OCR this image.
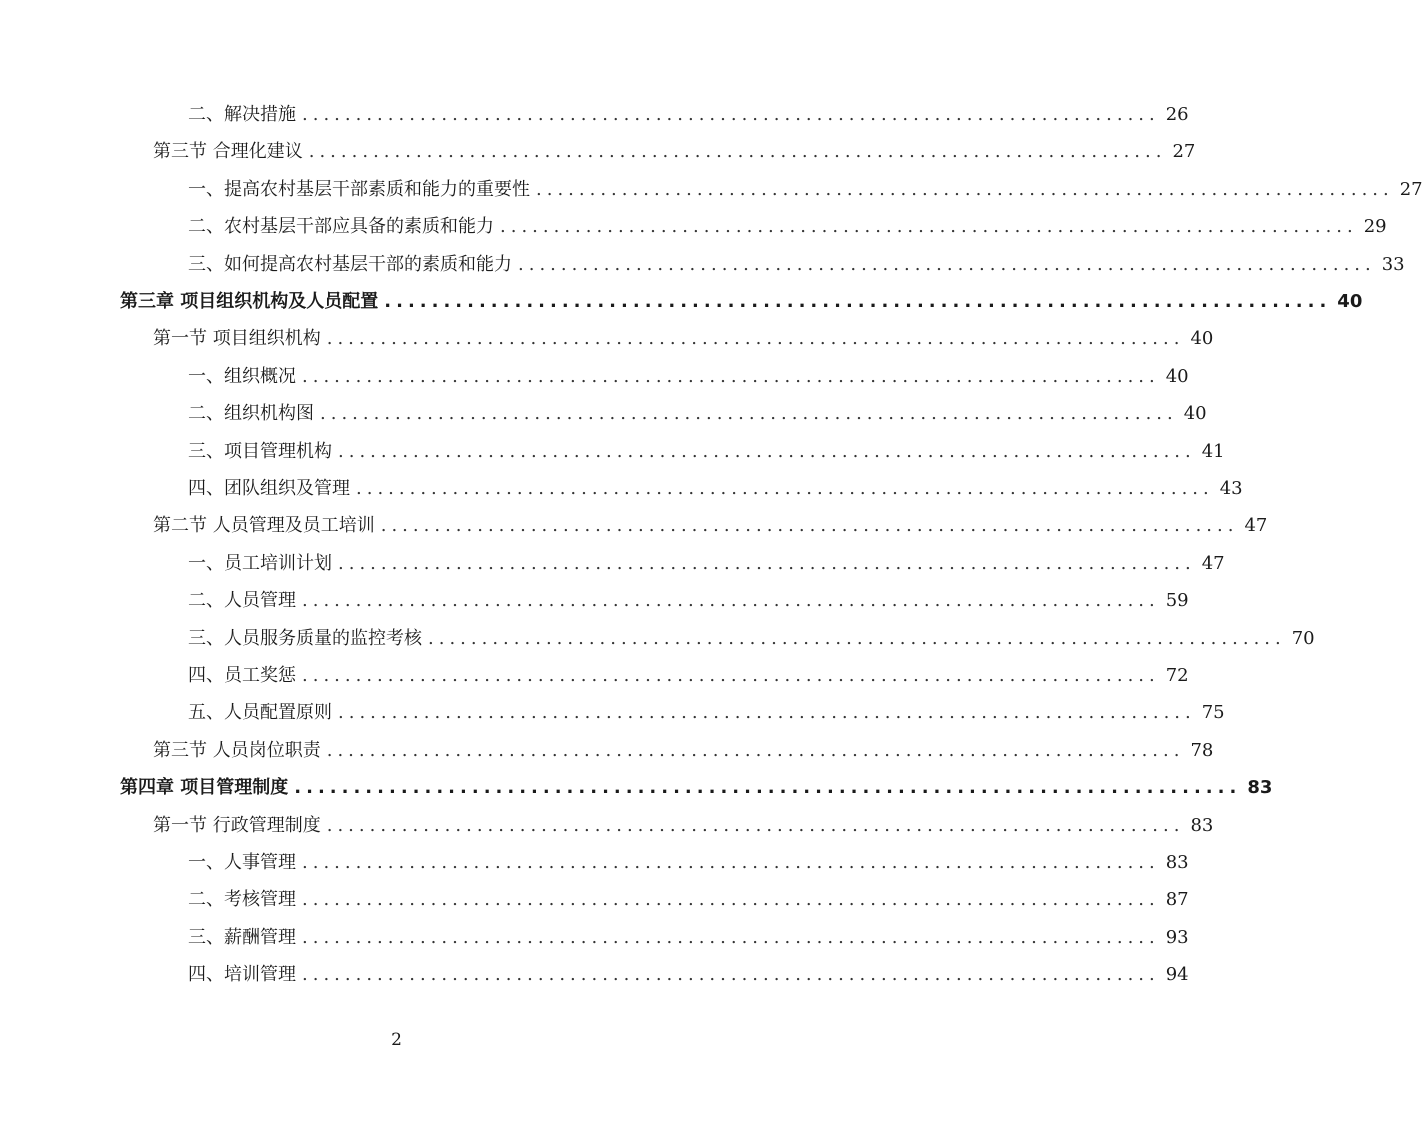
二、解决措施 ................................................................................ 26
第三节 合理化建议 ................................................................................ 27
一、提高农村基层干部素质和能力的重要性 ................................................................................ 27
二、农村基层干部应具备的素质和能力 ................................................................................ 29
三、如何提高农村基层干部的素质和能力 ................................................................................ 33
第三章 项目组织机构及人员配置 ................................................................................ 40
第一节 项目组织机构 ................................................................................ 40
一、组织概况 ................................................................................ 40
二、组织机构图 ................................................................................ 40
三、项目管理机构 ................................................................................ 41
四、团队组织及管理 ................................................................................ 43
第二节 人员管理及员工培训 ................................................................................ 47
一、员工培训计划 ................................................................................ 47
二、人员管理 ................................................................................ 59
三、人员服务质量的监控考核 ................................................................................ 70
四、员工奖惩 ................................................................................ 72
五、人员配置原则 ................................................................................ 75
第三节 人员岗位职责 ................................................................................ 78
第四章 项目管理制度 ................................................................................ 83
第一节 行政管理制度 ................................................................................ 83
一、人事管理 ................................................................................ 83
二、考核管理 ................................................................................ 87
三、薪酬管理 ................................................................................ 93
四、培训管理 ................................................................................ 94
2
